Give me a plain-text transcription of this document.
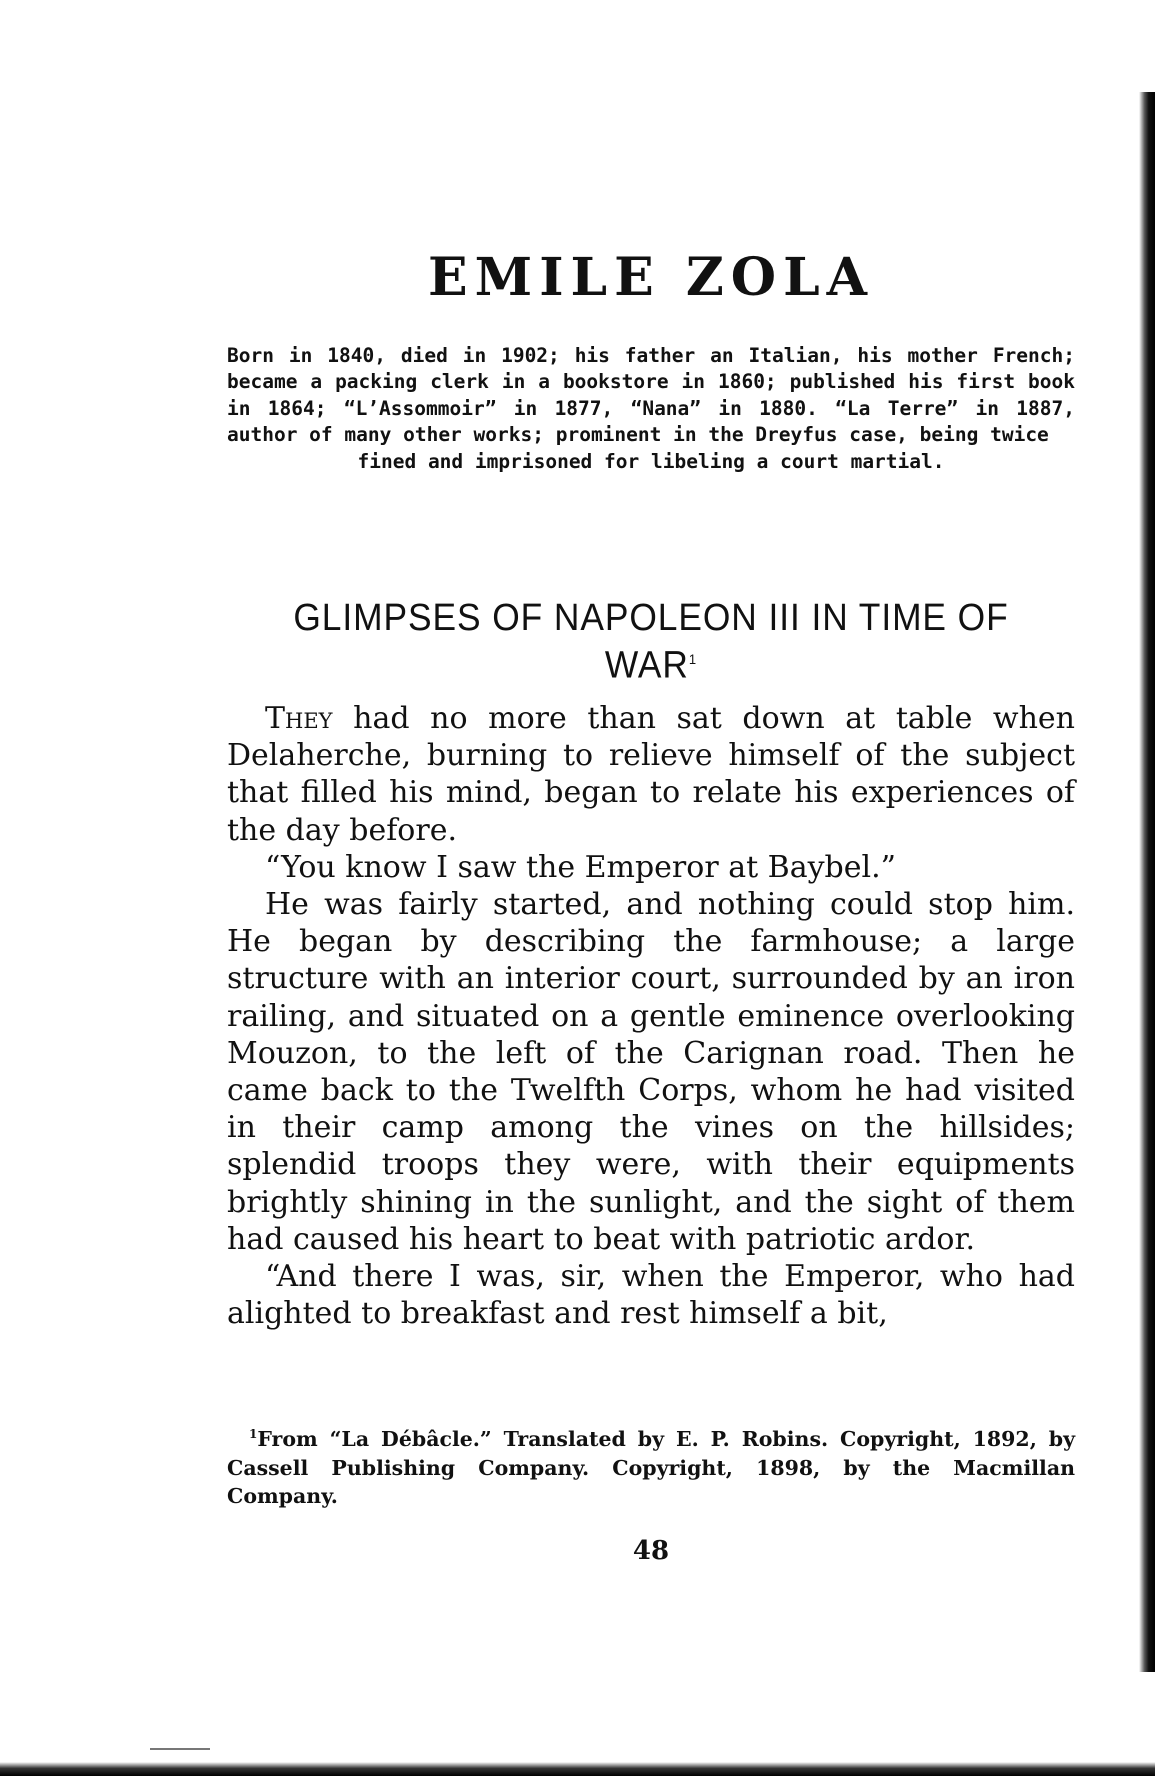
EMILE ZOLA

Born in 1840, died in 1902; his father an Italian, his mother French; became a packing clerk in a bookstore in 1860; published his first book in 1864; “L’Assommoir” in 1877, “Nana” in 1880. “La Terre” in 1887, author of many other works; prominent in the Dreyfus case, being twice
fined and imprisoned for libeling a court martial.

GLIMPSES OF NAPOLEON III IN TIME OF WAR$^1$

They had no more than sat down at table when Delaherche, burning to relieve himself of the subject that filled his mind, began to relate his experiences of the day before.

“You know I saw the Emperor at Baybel.”

He was fairly started, and nothing could stop him. He began by describing the farmhouse; a large structure with an interior court, surrounded by an iron railing, and situated on a gentle eminence overlooking Mouzon, to the left of the Carignan road. Then he came back to the Twelfth Corps, whom he had visited in their camp among the vines on the hillsides; splendid troops they were, with their equipments brightly shining in the sunlight, and the sight of them had caused his heart to beat with patriotic ardor.

“And there I was, sir, when the Emperor, who had alighted to breakfast and rest himself a bit,

$^1$From “La Débâcle.” Translated by E. P. Robins. Copyright, 1892, by Cassell Publishing Company. Copyright, 1898, by the Macmillan Company.

48
